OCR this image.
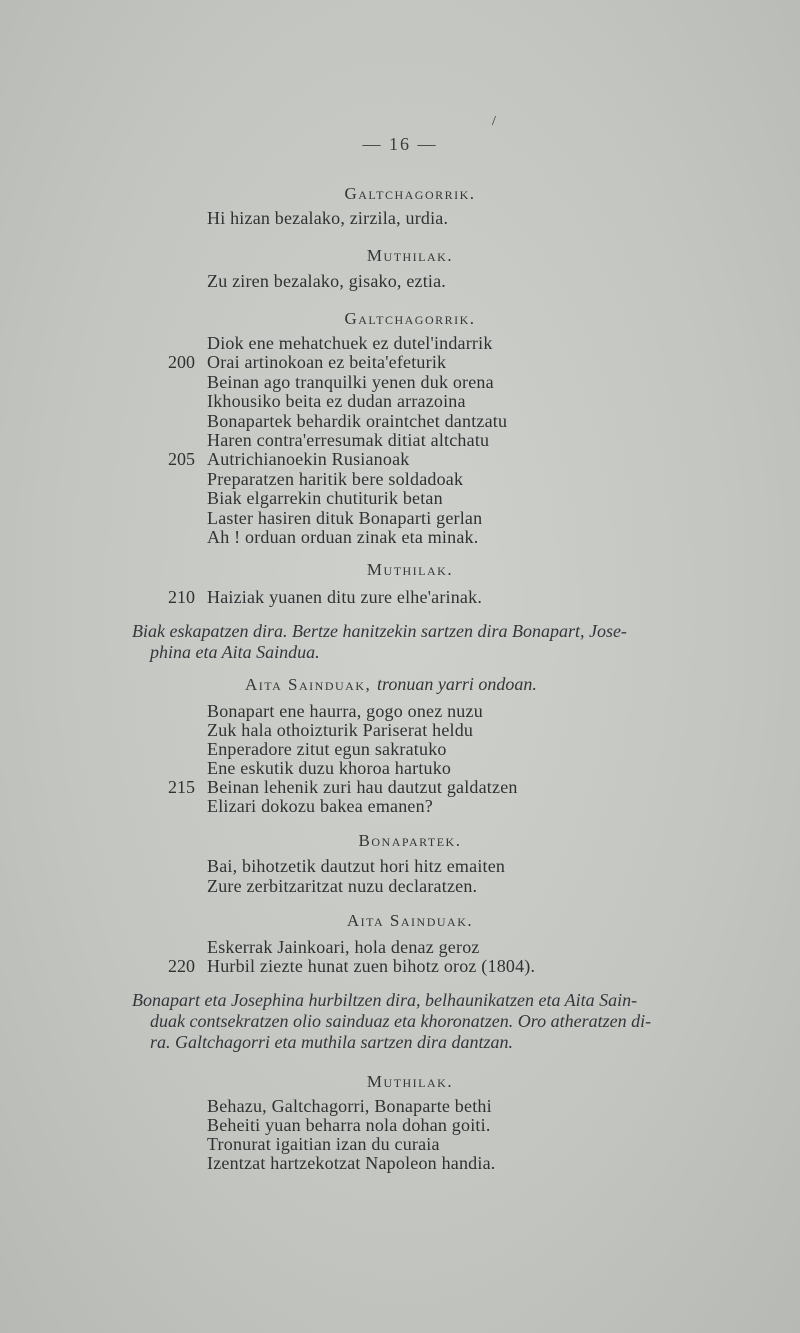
/
— 16 —
Galtchagorrik.
Hi hizan bezalako, zirzila, urdia.
Muthilak.
Zu ziren bezalako, gisako, eztia.
Galtchagorrik.
Diok ene mehatchuek ez dutel'indarrik
200 Orai artinokoan ez beita'efeturik
Beinan ago tranquilki yenen duk orena
Ikhousiko beita ez dudan arrazoina
Bonapartek behardik oraintchet dantzatu
Haren contra'erresumak ditiat altchatu
205 Autrichianoekin Rusianoak
Preparatzen haritik bere soldadoak
Biak elgarrekin chutiturik betan
Laster hasiren dituk Bonaparti gerlan
Ah ! orduan orduan zinak eta minak.
Muthilak.
210 Haiziak yuanen ditu zure elhe'arinak.
Biak eskapatzen dira. Bertze hanitzekin sartzen dira Bonapart, Jose-
phina eta Aita Saindua.
Aita Sainduak, tronuan yarri ondoan.
Bonapart ene haurra, gogo onez nuzu
Zuk hala othoizturik Pariserat heldu
Enperadore zitut egun sakratuko
Ene eskutik duzu khoroa hartuko
215 Beinan lehenik zuri hau dautzut galdatzen
Elizari dokozu bakea emanen?
Bonapartek.
Bai, bihotzetik dautzut hori hitz emaiten
Zure zerbitzaritzat nuzu declaratzen.
Aita Sainduak.
Eskerrak Jainkoari, hola denaz geroz
220 Hurbil ziezte hunat zuen bihotz oroz (1804).
Bonapart eta Josephina hurbiltzen dira, belhaunikatzen eta Aita Sain-
duak contsekratzen olio sainduaz eta khoronatzen. Oro atheratzen di-
ra. Galtchagorri eta muthila sartzen dira dantzan.
Muthilak.
Behazu, Galtchagorri, Bonaparte bethi
Beheiti yuan beharra nola dohan goiti.
Tronurat igaitian izan du curaia
Izentzat hartzekotzat Napoleon handia.
